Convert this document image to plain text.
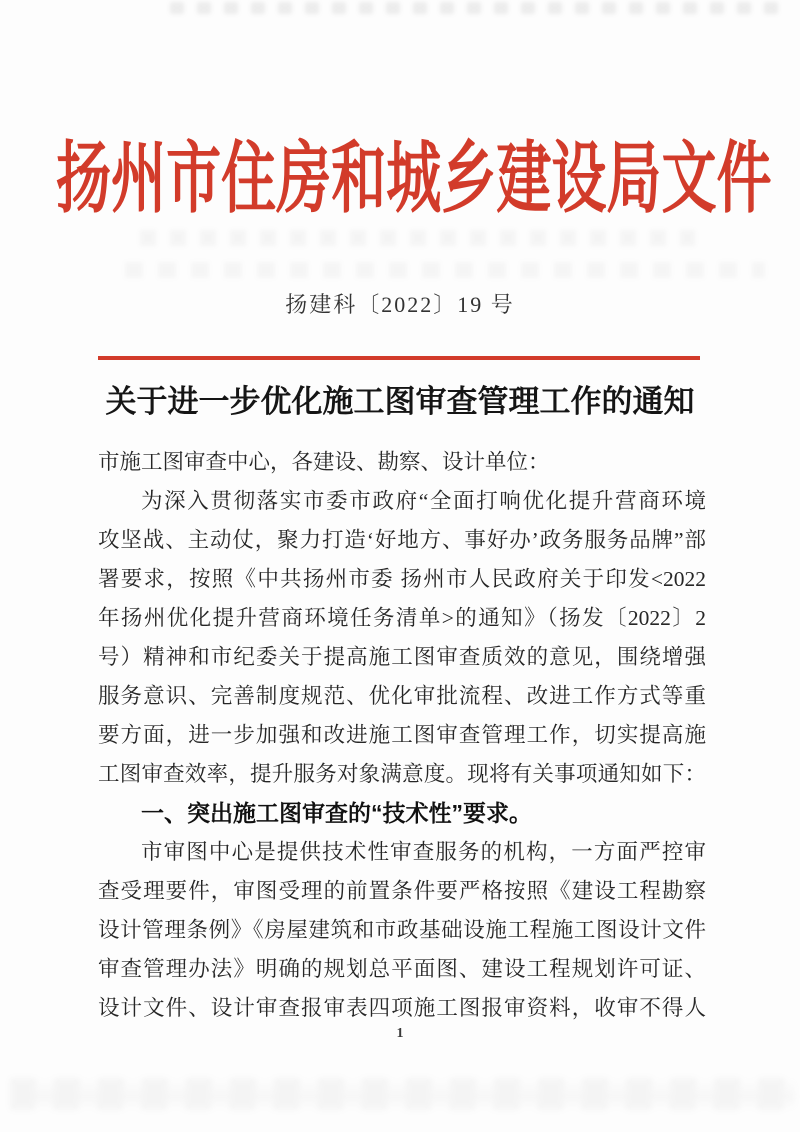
扬州市住房和城乡建设局文件
扬建科〔2022〕19 号
关于进一步优化施工图审查管理工作的通知
市施工图审查中心，各建设、勘察、设计单位：
为深入贯彻落实市委市政府“全面打响优化提升营商环境
攻坚战、主动仗，聚力打造‘好地方、事好办’政务服务品牌”部
署要求，按照《中共扬州市委 扬州市人民政府关于印发<2022
年扬州优化提升营商环境任务清单>的通知》（扬发〔2022〕2
号）精神和市纪委关于提高施工图审查质效的意见，围绕增强
服务意识、完善制度规范、优化审批流程、改进工作方式等重
要方面，进一步加强和改进施工图审查管理工作，切实提高施
工图审查效率，提升服务对象满意度。现将有关事项通知如下：
一、突出施工图审查的“技术性”要求。
市审图中心是提供技术性审查服务的机构，一方面严控审
查受理要件，审图受理的前置条件要严格按照《建设工程勘察
设计管理条例》《房屋建筑和市政基础设施工程施工图设计文件
审查管理办法》明确的规划总平面图、建设工程规划许可证、
设计文件、设计审查报审表四项施工图报审资料，收审不得人
1
